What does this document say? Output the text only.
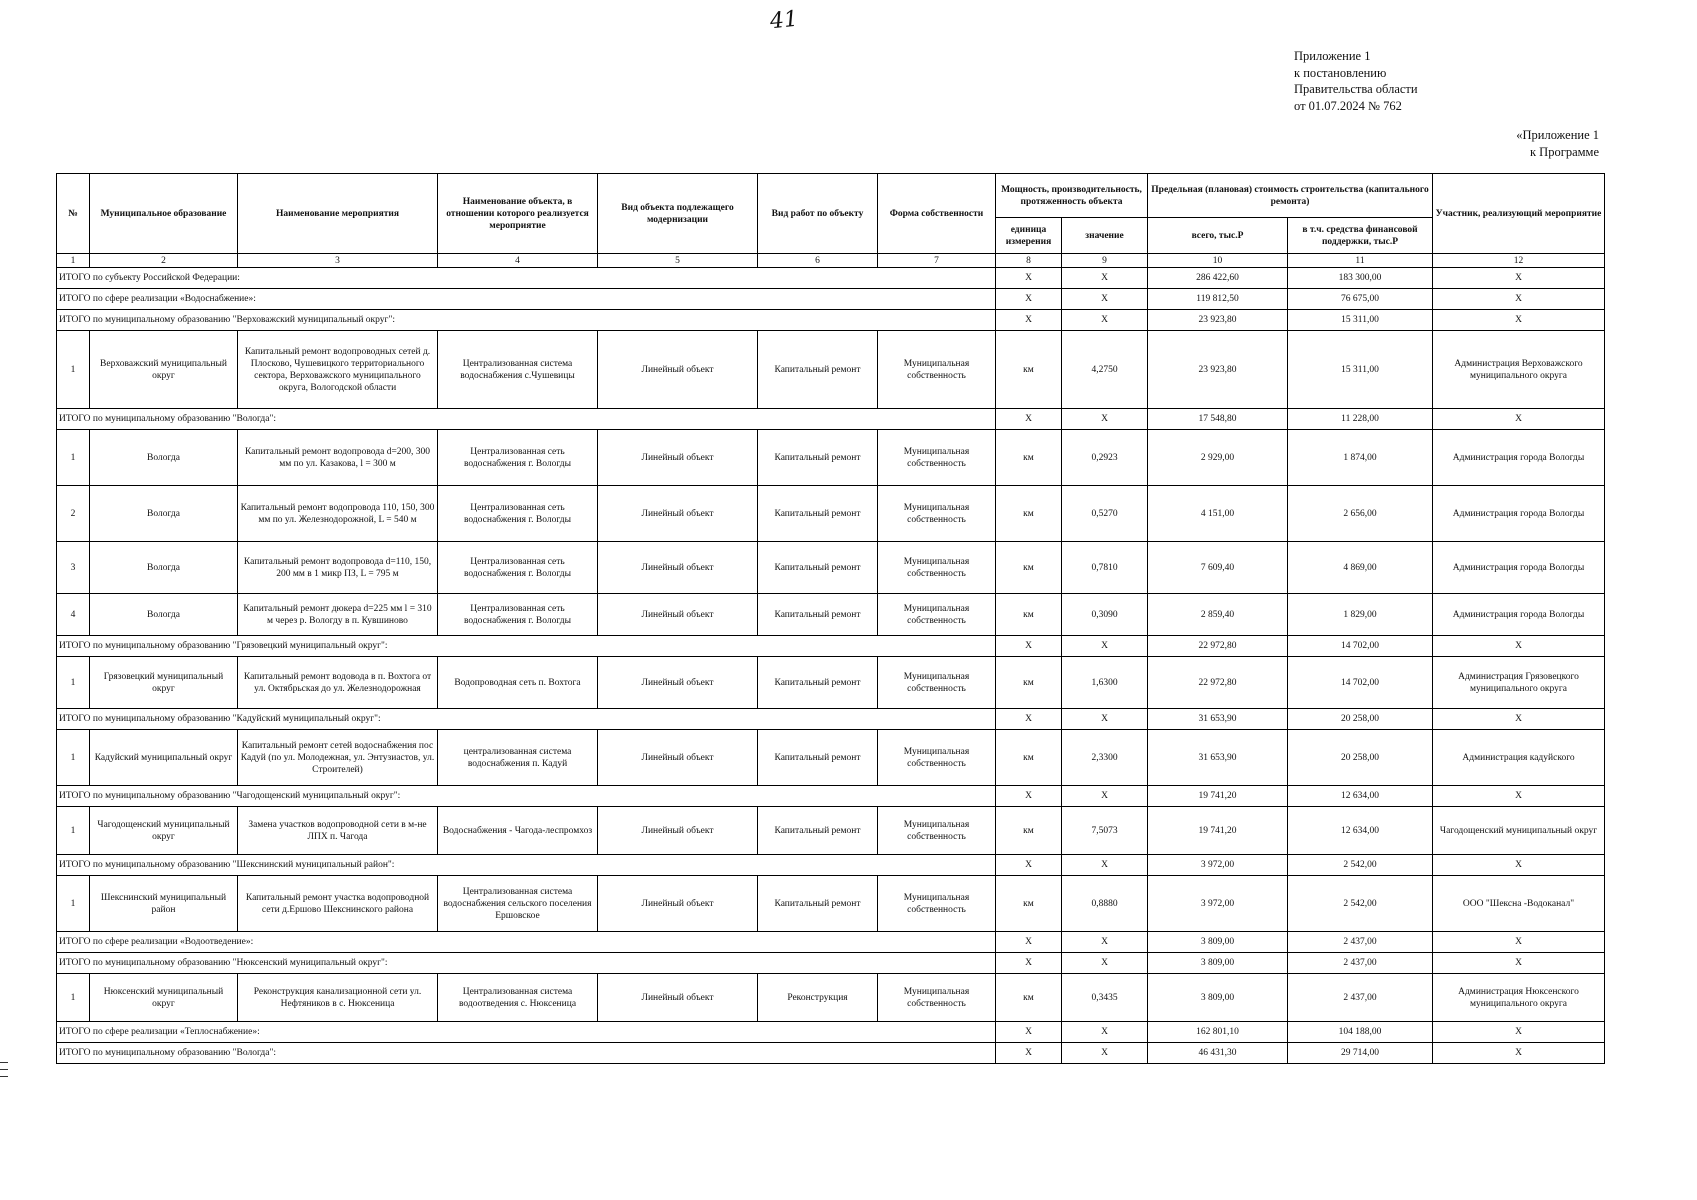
41
Приложение 1
к постановлению
Правительства области
от 01.07.2024 № 762
«Приложение 1
к Программе
№	Муниципальное образование	Наименование мероприятия	Наименование объекта, в отношении которого реализуется мероприятие	Вид объекта подлежащего модернизации	Вид работ по объекту	Форма собственности	Мощность, производительность, протяженность объекта		Предельная (плановая) стоимость строительства (капитального ремонта)		Участник, реализующий мероприятие
							единица измерения	значение	всего, тыс.Р	в т.ч. средства финансовой поддержки, тыс.Р	
1	2	3	4	5	6	7	8	9	10	11	12
ИТОГО по субъекту Российской Федерации:							X	X	286 422,60	183 300,00	X
ИТОГО по сфере реализации «Водоснабжение»:							X	X	119 812,50	76 675,00	X
ИТОГО по муниципальному образованию "Верховажский муниципальный округ":							X	X	23 923,80	15 311,00	X
1	Верховажский муниципальный округ	Капитальный ремонт водопроводных сетей д. Плосково, Чушевицкого территориального сектора, Верховажского муниципального округа, Вологодской области	Централизованная система водоснабжения с.Чушевицы	Линейный объект	Капитальный ремонт	Муниципальная собственность	км	4,2750	23 923,80	15 311,00	Администрация Верховажского муниципального округа
ИТОГО по муниципальному образованию "Вологда":							X	X	17 548,80	11 228,00	X
1	Вологда	Капитальный ремонт водопровода d=200, 300 мм по ул. Казакова, l = 300 м	Централизованная сеть водоснабжения г. Вологды	Линейный объект	Капитальный ремонт	Муниципальная собственность	км	0,2923	2 929,00	1 874,00	Администрация города Вологды
2	Вологда	Капитальный ремонт водопровода 110, 150, 300 мм по ул. Железнодорожной, L = 540 м	Централизованная сеть водоснабжения г. Вологды	Линейный объект	Капитальный ремонт	Муниципальная собственность	км	0,5270	4 151,00	2 656,00	Администрация города Вологды
3	Вологда	Капитальный ремонт водопровода d=110, 150, 200 мм в 1 микр ПЗ, L = 795 м	Централизованная сеть водоснабжения г. Вологды	Линейный объект	Капитальный ремонт	Муниципальная собственность	км	0,7810	7 609,40	4 869,00	Администрация города Вологды
4	Вологда	Капитальный ремонт дюкера d=225 мм l = 310 м через р. Вологду в п. Кувшиново	Централизованная сеть водоснабжения г. Вологды	Линейный объект	Капитальный ремонт	Муниципальная собственность	км	0,3090	2 859,40	1 829,00	Администрация города Вологды
ИТОГО по муниципальному образованию "Грязовецкий муниципальный округ":							X	X	22 972,80	14 702,00	X
1	Грязовецкий муниципальный округ	Капитальный ремонт водовода в п. Вохтога от ул. Октябрьская до ул. Железнодорожная	Водопроводная сеть п. Вохтога	Линейный объект	Капитальный ремонт	Муниципальная собственность	км	1,6300	22 972,80	14 702,00	Администрация Грязовецкого муниципального округа
ИТОГО по муниципальному образованию "Кадуйский муниципальный округ":							X	X	31 653,90	20 258,00	X
1	Кадуйский муниципальный округ	Капитальный ремонт сетей водоснабжения пос Кадуй (по ул. Молодежная, ул. Энтузиастов, ул. Строителей)	централизованная система водоснабжения п. Кадуй	Линейный объект	Капитальный ремонт	Муниципальная собственность	км	2,3300	31 653,90	20 258,00	Администрация кадуйского
ИТОГО по муниципальному образованию "Чагодощенский муниципальный округ":							X	X	19 741,20	12 634,00	X
1	Чагодощенский муниципальный округ	Замена участков водопроводной сети в м-не ЛПХ п. Чагода	Водоснабжения - Чагода-леспромхоз	Линейный объект	Капитальный ремонт	Муниципальная собственность	км	7,5073	19 741,20	12 634,00	Чагодощенский муниципальный округ
ИТОГО по муниципальному образованию "Шекснинский муниципальный район":							X	X	3 972,00	2 542,00	X
1	Шекснинский муниципальный район	Капитальный ремонт участка водопроводной сети д.Ершово Шекснинского района	Централизованная система водоснабжения сельского поселения Ершовское	Линейный объект	Капитальный ремонт	Муниципальная собственность	км	0,8880	3 972,00	2 542,00	ООО "Шексна -Водоканал"
ИТОГО по сфере реализации «Водоотведение»:							X	X	3 809,00	2 437,00	X
ИТОГО по муниципальному образованию "Нюксенский муниципальный округ":							X	X	3 809,00	2 437,00	X
1	Нюксенский муниципальный округ	Реконструкция канализационной сети ул. Нефтяников в с. Нюксеница	Централизованная система водоотведения с. Нюксеница	Линейный объект	Реконструкция	Муниципальная собственность	км	0,3435	3 809,00	2 437,00	Администрация Нюксенского муниципального округа
ИТОГО по сфере реализации «Теплоснабжение»:							X	X	162 801,10	104 188,00	X
ИТОГО по муниципальному образованию "Вологда":							X	X	46 431,30	29 714,00	X
